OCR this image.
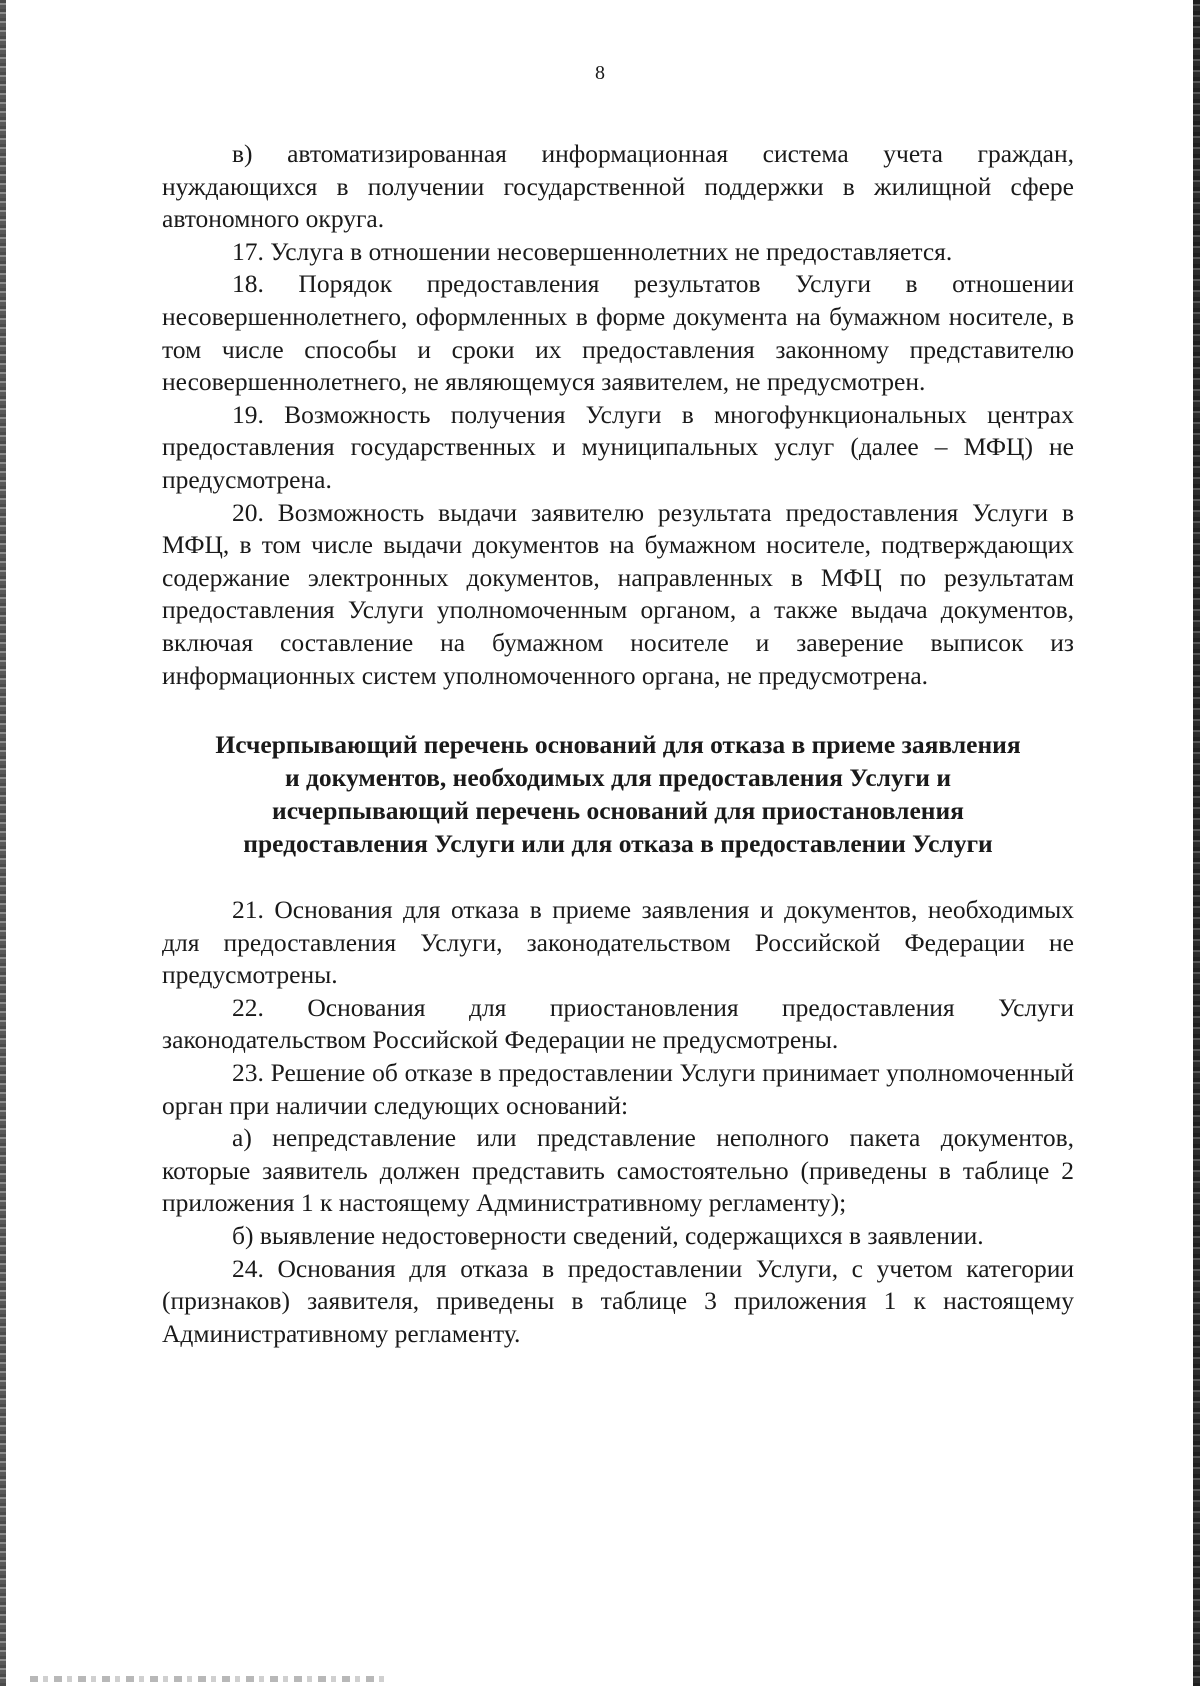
8

в) автоматизированная информационная система учета граждан, нуждающихся в получении государственной поддержки в жилищной сфере автономного округа.

17. Услуга в отношении несовершеннолетних не предоставляется.

18. Порядок предоставления результатов Услуги в отношении несовершеннолетнего, оформленных в форме документа на бумажном носителе, в том числе способы и сроки их предоставления законному представителю несовершеннолетнего, не являющемуся заявителем, не предусмотрен.

19. Возможность получения Услуги в многофункциональных центрах предоставления государственных и муниципальных услуг (далее – МФЦ) не предусмотрена.

20. Возможность выдачи заявителю результата предоставления Услуги в МФЦ, в том числе выдачи документов на бумажном носителе, подтверждающих содержание электронных документов, направленных в МФЦ по результатам предоставления Услуги уполномоченным органом, а также выдача документов, включая составление на бумажном носителе и заверение выписок из информационных систем уполномоченного органа, не предусмотрена.

Исчерпывающий перечень оснований для отказа в приеме заявления
и документов, необходимых для предоставления Услуги и
исчерпывающий перечень оснований для приостановления
предоставления Услуги или для отказа в предоставлении Услуги

21. Основания для отказа в приеме заявления и документов, необходимых для предоставления Услуги, законодательством Российской Федерации не предусмотрены.

22. Основания для приостановления предоставления Услуги законодательством Российской Федерации не предусмотрены.

23. Решение об отказе в предоставлении Услуги принимает уполномоченный орган при наличии следующих оснований:

а) непредставление или представление неполного пакета документов, которые заявитель должен представить самостоятельно (приведены в таблице 2 приложения 1 к настоящему Административному регламенту);

б) выявление недостоверности сведений, содержащихся в заявлении.

24. Основания для отказа в предоставлении Услуги, с учетом категории (признаков) заявителя, приведены в таблице 3 приложения 1 к настоящему Административному регламенту.
